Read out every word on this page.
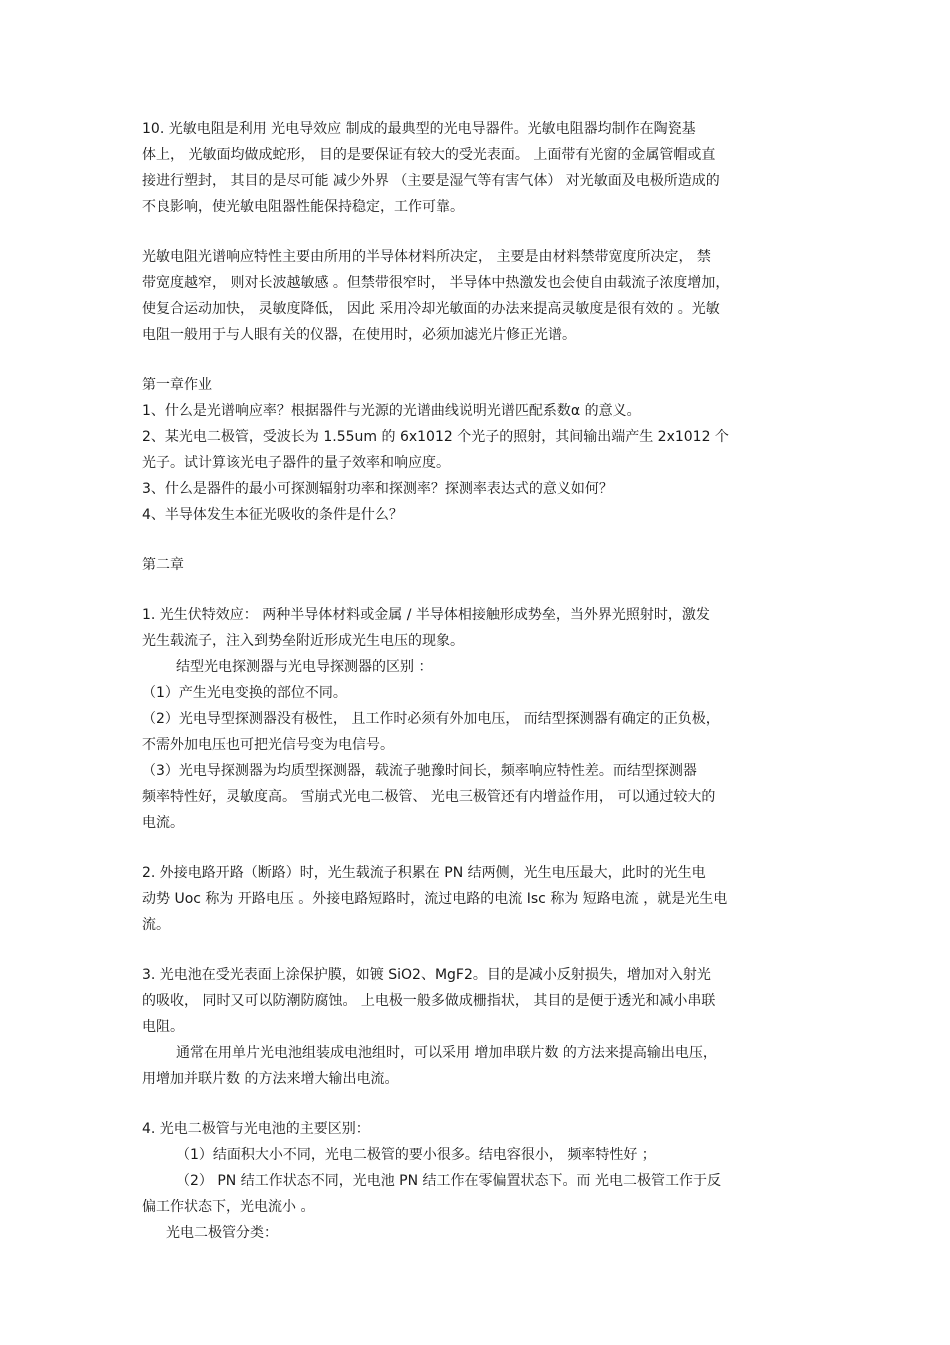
10. 光敏电阻是利用 光电导效应 制成的最典型的光电导器件。光敏电阻器均制作在陶瓷基
体上， 光敏面均做成蛇形， 目的是要保证有较大的受光表面。 上面带有光窗的金属管帽或直
接进行塑封， 其目的是尽可能 减少外界 （主要是湿气等有害气体） 对光敏面及电极所造成的
不良影响，使光敏电阻器性能保持稳定，工作可靠。
光敏电阻光谱响应特性主要由所用的半导体材料所决定， 主要是由材料禁带宽度所决定， 禁
带宽度越窄， 则对长波越敏感 。但禁带很窄时， 半导体中热激发也会使自由载流子浓度增加，
使复合运动加快， 灵敏度降低， 因此 采用冷却光敏面的办法来提高灵敏度是很有效的 。光敏
电阻一般用于与人眼有关的仪器，在使用时，必须加滤光片修正光谱。
第一章作业
1、什么是光谱响应率？根据器件与光源的光谱曲线说明光谱匹配系数α 的意义。
2、某光电二极管，受波长为 1.55um 的 6x1012 个光子的照射，其间输出端产生 2x1012 个
光子。试计算该光电子器件的量子效率和响应度。
3、什么是器件的最小可探测辐射功率和探测率？探测率表达式的意义如何？
4、半导体发生本征光吸收的条件是什么？
第二章
1. 光生伏特效应： 两种半导体材料或金属 / 半导体相接触形成势垒，当外界光照射时，激发
光生载流子，注入到势垒附近形成光生电压的现象。
结型光电探测器与光电导探测器的区别 ：
（1）产生光电变换的部位不同。
（2）光电导型探测器没有极性， 且工作时必须有外加电压， 而结型探测器有确定的正负极，
不需外加电压也可把光信号变为电信号。
（3）光电导探测器为均质型探测器，载流子驰豫时间长，频率响应特性差。而结型探测器
频率特性好，灵敏度高。 雪崩式光电二极管、 光电三极管还有内增益作用， 可以通过较大的
电流。
2. 外接电路开路（断路）时，光生载流子积累在 PN 结两侧，光生电压最大，此时的光生电
动势 Uoc 称为 开路电压 。外接电路短路时，流过电路的电流 Isc 称为 短路电流 ，就是光生电
流。
3. 光电池在受光表面上涂保护膜，如镀 SiO2、MgF2。目的是减小反射损失，增加对入射光
的吸收， 同时又可以防潮防腐蚀。 上电极一般多做成栅指状， 其目的是便于透光和减小串联
电阻。
通常在用单片光电池组装成电池组时，可以采用 增加串联片数 的方法来提高输出电压，
用增加并联片数 的方法来增大输出电流。
4. 光电二极管与光电池的主要区别：
（1）结面积大小不同，光电二极管的要小很多。结电容很小， 频率特性好 ；
（2） PN 结工作状态不同，光电池 PN 结工作在零偏置状态下。而 光电二极管工作于反
偏工作状态下，光电流小 。
光电二极管分类：
